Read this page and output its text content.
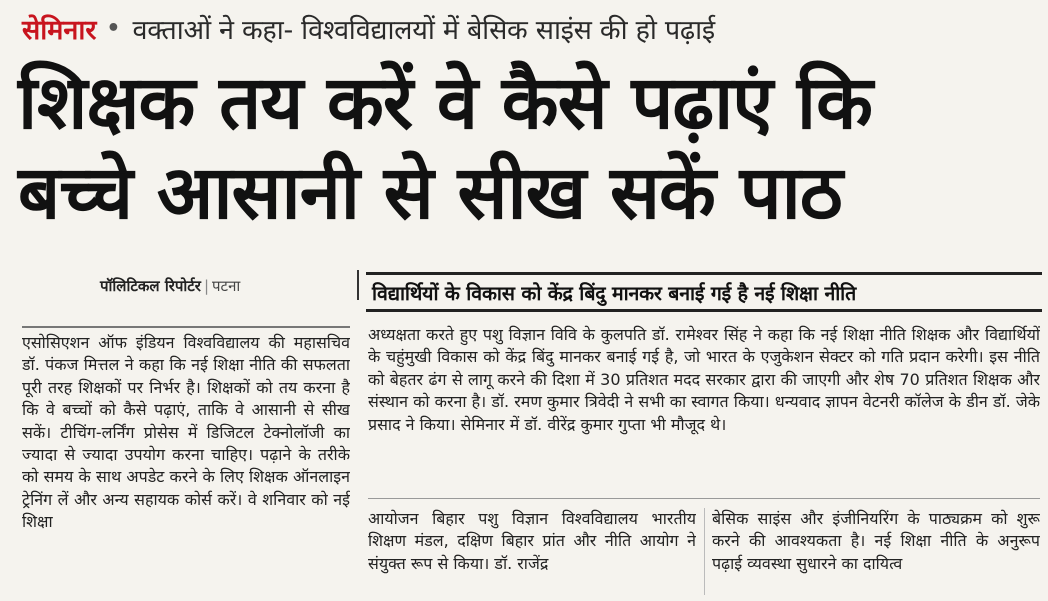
सेमिनार • वक्ताओं ने कहा- विश्वविद्यालयों में बेसिक साइंस की हो पढ़ाई
शिक्षक तय करें वे कैसे पढ़ाएं कि
बच्चे आसानी से सीख सकें पाठ
पॉलिटिकल रिपोर्टर | पटना	विद्यार्थियों के विकास को केंद्र बिंदु मानकर बनाई गई है नई शिक्षा नीति
एसोसिएशन ऑफ इंडियन विश्वविद्यालय की महासचिव डॉ. पंकज मित्तल ने कहा कि नई शिक्षा नीति की सफलता पूरी तरह शिक्षकों पर निर्भर है। शिक्षकों को तय करना है कि वे बच्चों को कैसे पढ़ाएं, ताकि वे आसानी से सीख सकें। टीचिंग-लर्निंग प्रोसेस में डिजिटल टेक्नोलॉजी का ज्यादा से ज्यादा उपयोग करना चाहिए। पढ़ाने के तरीके को समय के साथ अपडेट करने के लिए शिक्षक ऑनलाइन ट्रेनिंग लें और अन्य सहायक कोर्स करें। वे शनिवार को नई शिक्षा
अध्यक्षता करते हुए पशु विज्ञान विवि के कुलपति डॉ. रामेश्वर सिंह ने कहा कि नई शिक्षा नीति शिक्षक और विद्यार्थियों के चहुंमुखी विकास को केंद्र बिंदु मानकर बनाई गई है, जो भारत के एजुकेशन सेक्टर को गति प्रदान करेगी। इस नीति को बेहतर ढंग से लागू करने की दिशा में 30 प्रतिशत मदद सरकार द्वारा की जाएगी और शेष 70 प्रतिशत शिक्षक और संस्थान को करना है। डॉ. रमण कुमार त्रिवेदी ने सभी का स्वागत किया। धन्यवाद ज्ञापन वेटनरी कॉलेज के डीन डॉ. जेके प्रसाद ने किया। सेमिनार में डॉ. वीरेंद्र कुमार गुप्ता भी मौजूद थे।
आयोजन बिहार पशु विज्ञान विश्वविद्यालय भारतीय शिक्षण मंडल, दक्षिण बिहार प्रांत और नीति आयोग ने संयुक्त रूप से किया। डॉ. राजेंद्र
बेसिक साइंस और इंजीनियरिंग के पाठ्यक्रम को शुरू करने की आवश्यकता है। नई शिक्षा नीति के अनुरूप पढ़ाई व्यवस्था सुधारने का दायित्व
